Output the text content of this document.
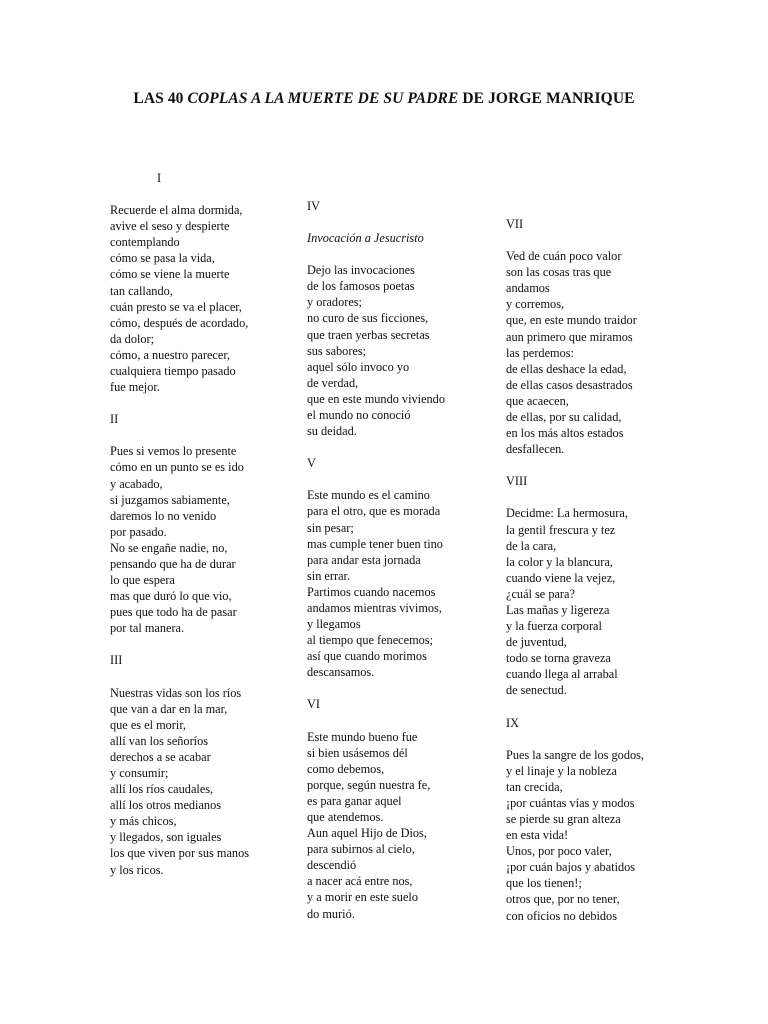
LAS 40 COPLAS A LA MUERTE DE SU PADRE DE JORGE MANRIQUE
I
Recuerde el alma dormida,
avive el seso y despierte
contemplando
cómo se pasa la vida,
cómo se viene la muerte
tan callando,
cuán presto se va el placer,
cómo, después de acordado,
da dolor;
cómo, a nuestro parecer,
cualquiera tiempo pasado
fue mejor.
II
Pues si vemos lo presente
cómo en un punto se es ido
y acabado,
si juzgamos sabiamente,
daremos lo no venido
por pasado.
No se engañe nadie, no,
pensando que ha de durar
lo que espera
mas que duró lo que vio,
pues que todo ha de pasar
por tal manera.
III
Nuestras vidas son los ríos
que van a dar en la mar,
que es el morir,
allí van los señoríos
derechos a se acabar
y consumir;
allí los ríos caudales,
allí los otros medianos
y más chicos,
y llegados, son iguales
los que viven por sus manos
y los ricos.
IV
Invocación a Jesucristo
Dejo las invocaciones
de los famosos poetas
y oradores;
no curo de sus ficciones,
que traen yerbas secretas
sus sabores;
aquel sólo invoco yo
de verdad,
que en este mundo viviendo
el mundo no conoció
su deidad.
V
Este mundo es el camino
para el otro, que es morada
sin pesar;
mas cumple tener buen tino
para andar esta jornada
sin errar.
Partimos cuando nacemos
andamos mientras vivimos,
y llegamos
al tiempo que fenecemos;
así que cuando morimos
descansamos.
VI
Este mundo bueno fue
si bien usásemos dél
como debemos,
porque, según nuestra fe,
es para ganar aquel
que atendemos.
Aun aquel Hijo de Dios,
para subirnos al cielo,
descendió
a nacer acá entre nos,
y a morir en este suelo
do murió.
VII
Ved de cuán poco valor
son las cosas tras que
andamos
y corremos,
que, en este mundo traidor
aun primero que miramos
las perdemos:
de ellas deshace la edad,
de ellas casos desastrados
que acaecen,
de ellas, por su calidad,
en los más altos estados
desfallecen.
VIII
Decidme: La hermosura,
la gentil frescura y tez
de la cara,
la color y la blancura,
cuando viene la vejez,
¿cuál se para?
Las mañas y ligereza
y la fuerza corporal
de juventud,
todo se torna graveza
cuando llega al arrabal
de senectud.
IX
Pues la sangre de los godos,
y el linaje y la nobleza
tan crecida,
¡por cuántas vías y modos
se pierde su gran alteza
en esta vida!
Unos, por poco valer,
¡por cuán bajos y abatidos
que los tienen!;
otros que, por no tener,
con oficios no debidos
